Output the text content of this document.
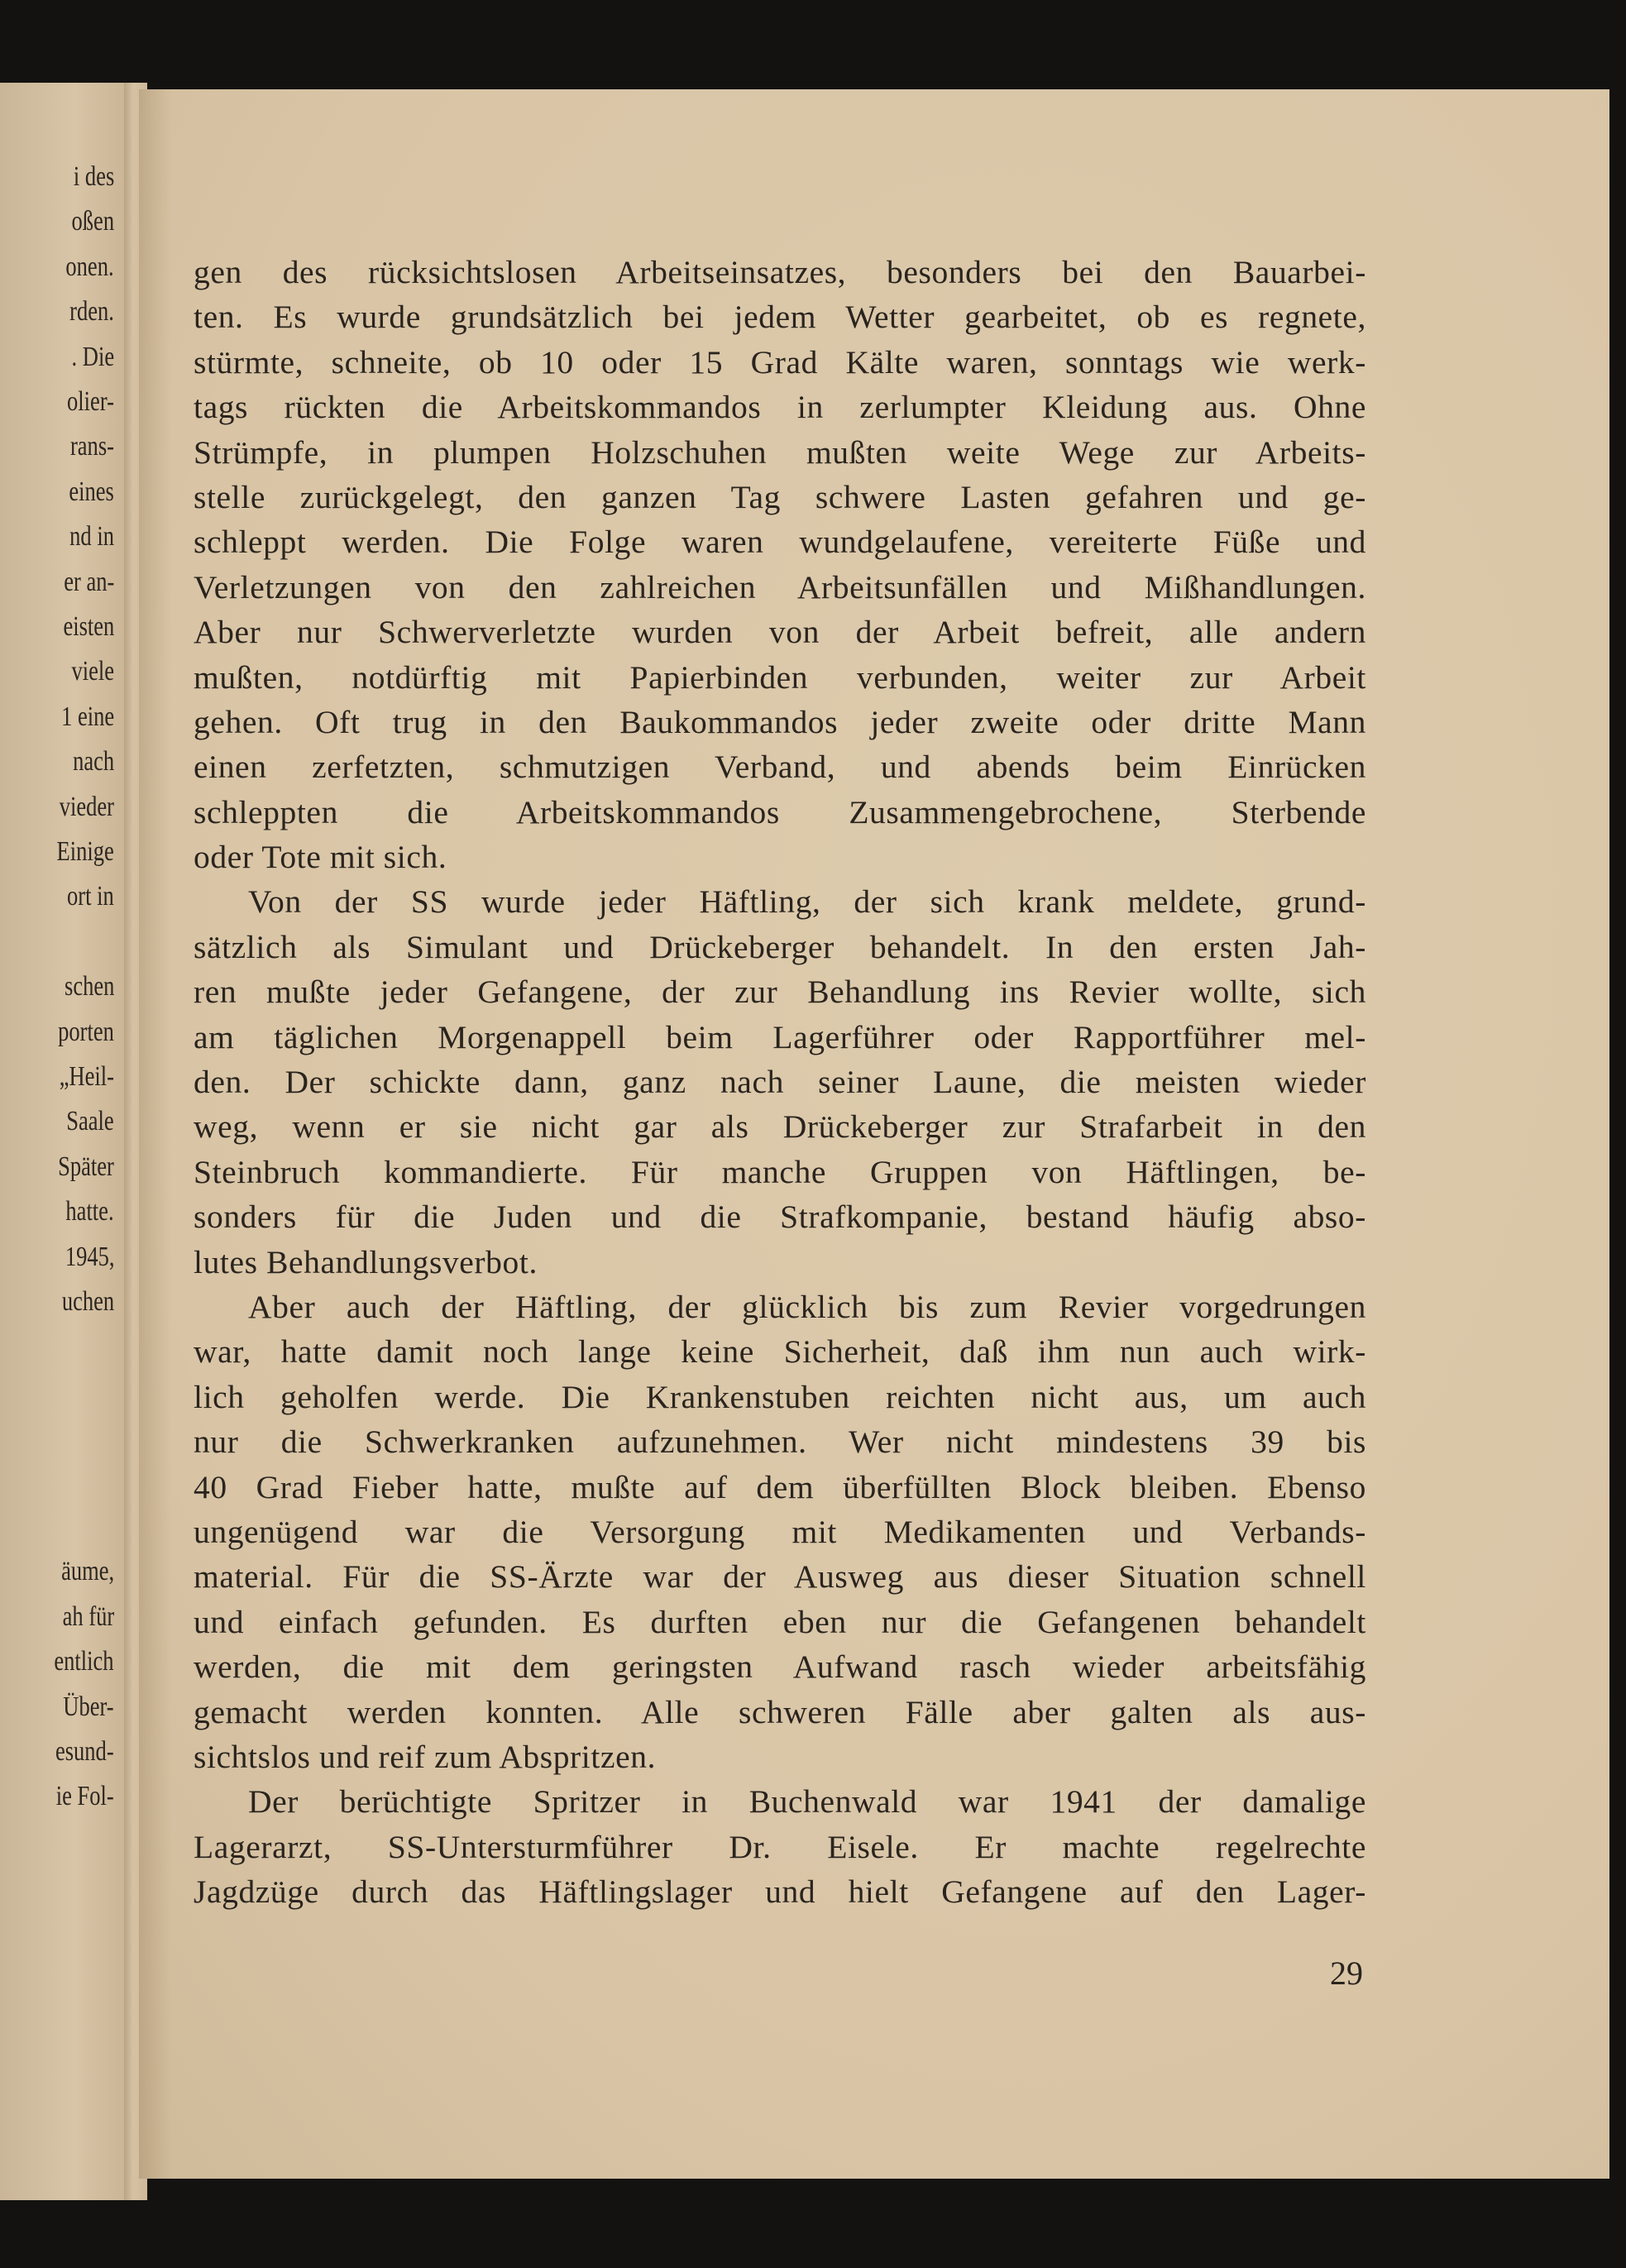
i des
oßen
onen.
rden.
. Die
olier-
rans-
eines
nd in
er an-
eisten
viele
1 eine
nach
vieder
Einige
ort in
schen
porten
„Heil-
Saale
Später
hatte.
1945,
uchen
äume,
ah für
entlich
Über-
esund-
ie Fol-
gen des rücksichtslosen Arbeitseinsatzes, besonders bei den Bauarbei-
ten. Es wurde grundsätzlich bei jedem Wetter gearbeitet, ob es regnete,
stürmte, schneite, ob 10 oder 15 Grad Kälte waren, sonntags wie werk-
tags rückten die Arbeitskommandos in zerlumpter Kleidung aus. Ohne
Strümpfe, in plumpen Holzschuhen mußten weite Wege zur Arbeits-
stelle zurückgelegt, den ganzen Tag schwere Lasten gefahren und ge-
schleppt werden. Die Folge waren wundgelaufene, vereiterte Füße und
Verletzungen von den zahlreichen Arbeitsunfällen und Mißhandlungen.
Aber nur Schwerverletzte wurden von der Arbeit befreit, alle andern
mußten, notdürftig mit Papierbinden verbunden, weiter zur Arbeit
gehen. Oft trug in den Baukommandos jeder zweite oder dritte Mann
einen zerfetzten, schmutzigen Verband, und abends beim Einrücken
schleppten die Arbeitskommandos Zusammengebrochene, Sterbende
oder Tote mit sich.
Von der SS wurde jeder Häftling, der sich krank meldete, grund-
sätzlich als Simulant und Drückeberger behandelt. In den ersten Jah-
ren mußte jeder Gefangene, der zur Behandlung ins Revier wollte, sich
am täglichen Morgenappell beim Lagerführer oder Rapportführer mel-
den. Der schickte dann, ganz nach seiner Laune, die meisten wieder
weg, wenn er sie nicht gar als Drückeberger zur Strafarbeit in den
Steinbruch kommandierte. Für manche Gruppen von Häftlingen, be-
sonders für die Juden und die Strafkompanie, bestand häufig abso-
lutes Behandlungsverbot.
Aber auch der Häftling, der glücklich bis zum Revier vorgedrungen
war, hatte damit noch lange keine Sicherheit, daß ihm nun auch wirk-
lich geholfen werde. Die Krankenstuben reichten nicht aus, um auch
nur die Schwerkranken aufzunehmen. Wer nicht mindestens 39 bis
40 Grad Fieber hatte, mußte auf dem überfüllten Block bleiben. Ebenso
ungenügend war die Versorgung mit Medikamenten und Verbands-
material. Für die SS-Ärzte war der Ausweg aus dieser Situation schnell
und einfach gefunden. Es durften eben nur die Gefangenen behandelt
werden, die mit dem geringsten Aufwand rasch wieder arbeitsfähig
gemacht werden konnten. Alle schweren Fälle aber galten als aus-
sichtslos und reif zum Abspritzen.
Der berüchtigte Spritzer in Buchenwald war 1941 der damalige
Lagerarzt, SS-Untersturmführer Dr. Eisele. Er machte regelrechte
Jagdzüge durch das Häftlingslager und hielt Gefangene auf den Lager-
29
